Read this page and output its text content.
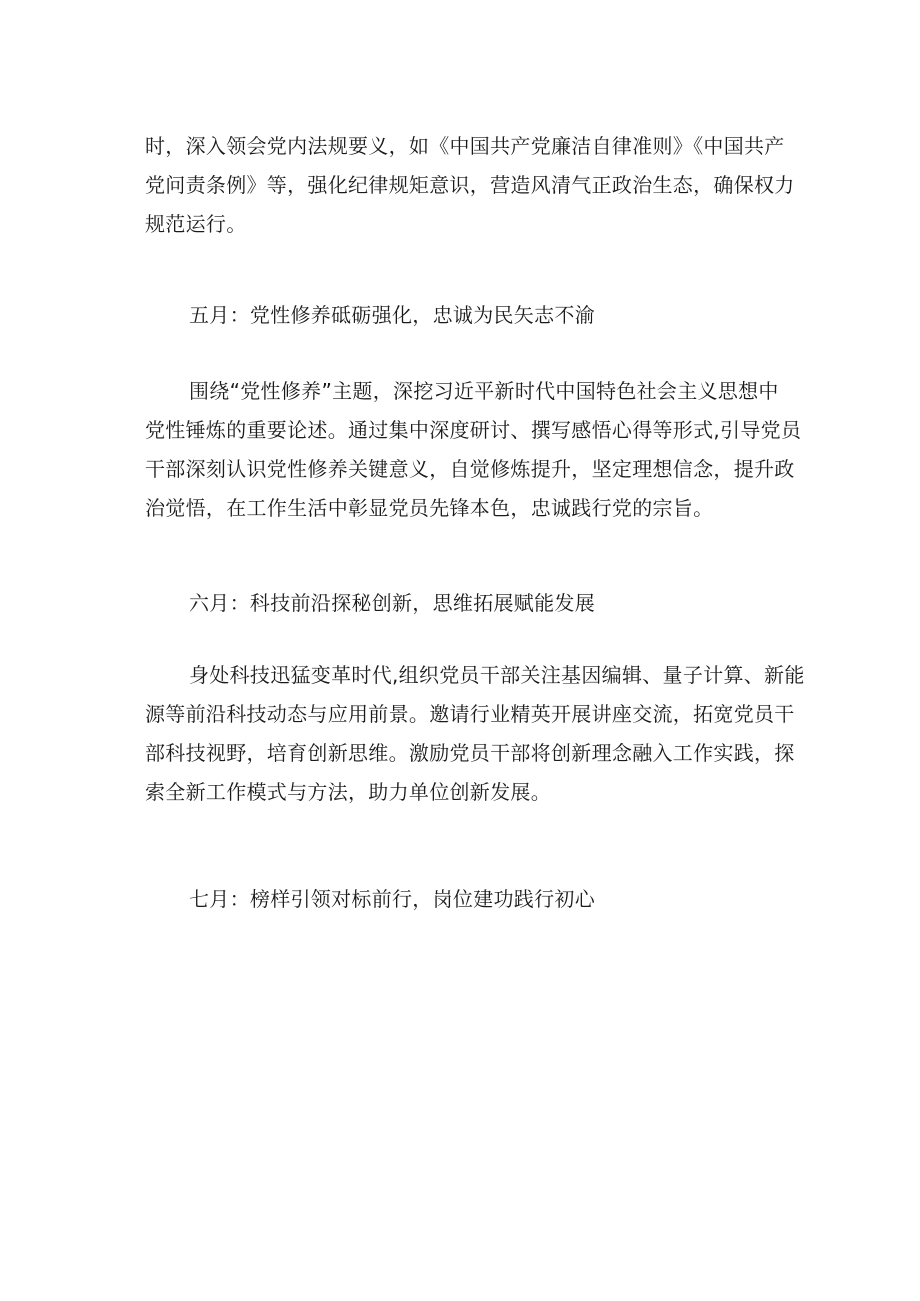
时，深入领会党内法规要义，如《中国共产党廉洁自律准则》《中国共产
党问责条例》等，强化纪律规矩意识，营造风清气正政治生态，确保权力
规范运行。
五月：党性修养砥砺强化，忠诚为民矢志不渝
围绕“党性修养”主题，深挖习近平新时代中国特色社会主义思想中
党性锤炼的重要论述。通过集中深度研讨、撰写感悟心得等形式,引导党员
干部深刻认识党性修养关键意义，自觉修炼提升，坚定理想信念，提升政
治觉悟，在工作生活中彰显党员先锋本色，忠诚践行党的宗旨。
六月：科技前沿探秘创新，思维拓展赋能发展
身处科技迅猛变革时代,组织党员干部关注基因编辑、量子计算、新能
源等前沿科技动态与应用前景。邀请行业精英开展讲座交流，拓宽党员干
部科技视野，培育创新思维。激励党员干部将创新理念融入工作实践，探
索全新工作模式与方法，助力单位创新发展。
七月：榜样引领对标前行，岗位建功践行初心
